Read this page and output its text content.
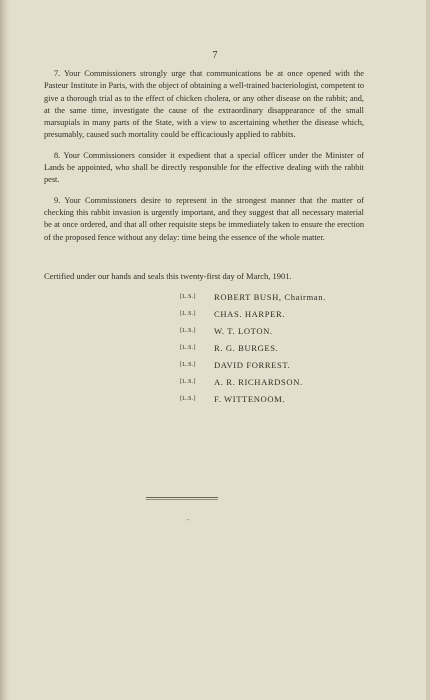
7

7. Your Commissioners strongly urge that communications be at once opened with the Pasteur Institute in Paris, with the object of obtaining a well-trained bacteriologist, competent to give a thorough trial as to the effect of chicken cholera, or any other disease on the rabbit; and, at the same time, investigate the cause of the extraordinary disappearance of the small marsupials in many parts of the State, with a view to ascertaining whether the disease which, presumably, caused such mortality could be efficaciously applied to rabbits.

8. Your Commissioners consider it expedient that a special officer under the Minister of Lands be appointed, who shall be directly responsible for the effective dealing with the rabbit pest.

9. Your Commissioners desire to represent in the strongest manner that the matter of checking this rabbit invasion is urgently important, and they suggest that all necessary material be at once ordered, and that all other requisite steps be immediately taken to ensure the erection of the proposed fence without any delay: time being the essence of the whole matter.

Certified under our hands and seals this twenty-first day of March, 1901.
[L.S.]	ROBERT BUSH, Chairman.
[L.S.]	CHAS. HARPER.
[L.S.]	W. T. LOTON.
[L.S.]	R. G. BURGES.
[L.S.]	DAVID FORREST.
[L.S.]	A. R. RICHARDSON.
[L.S.]	F. WITTENOOM.
-
